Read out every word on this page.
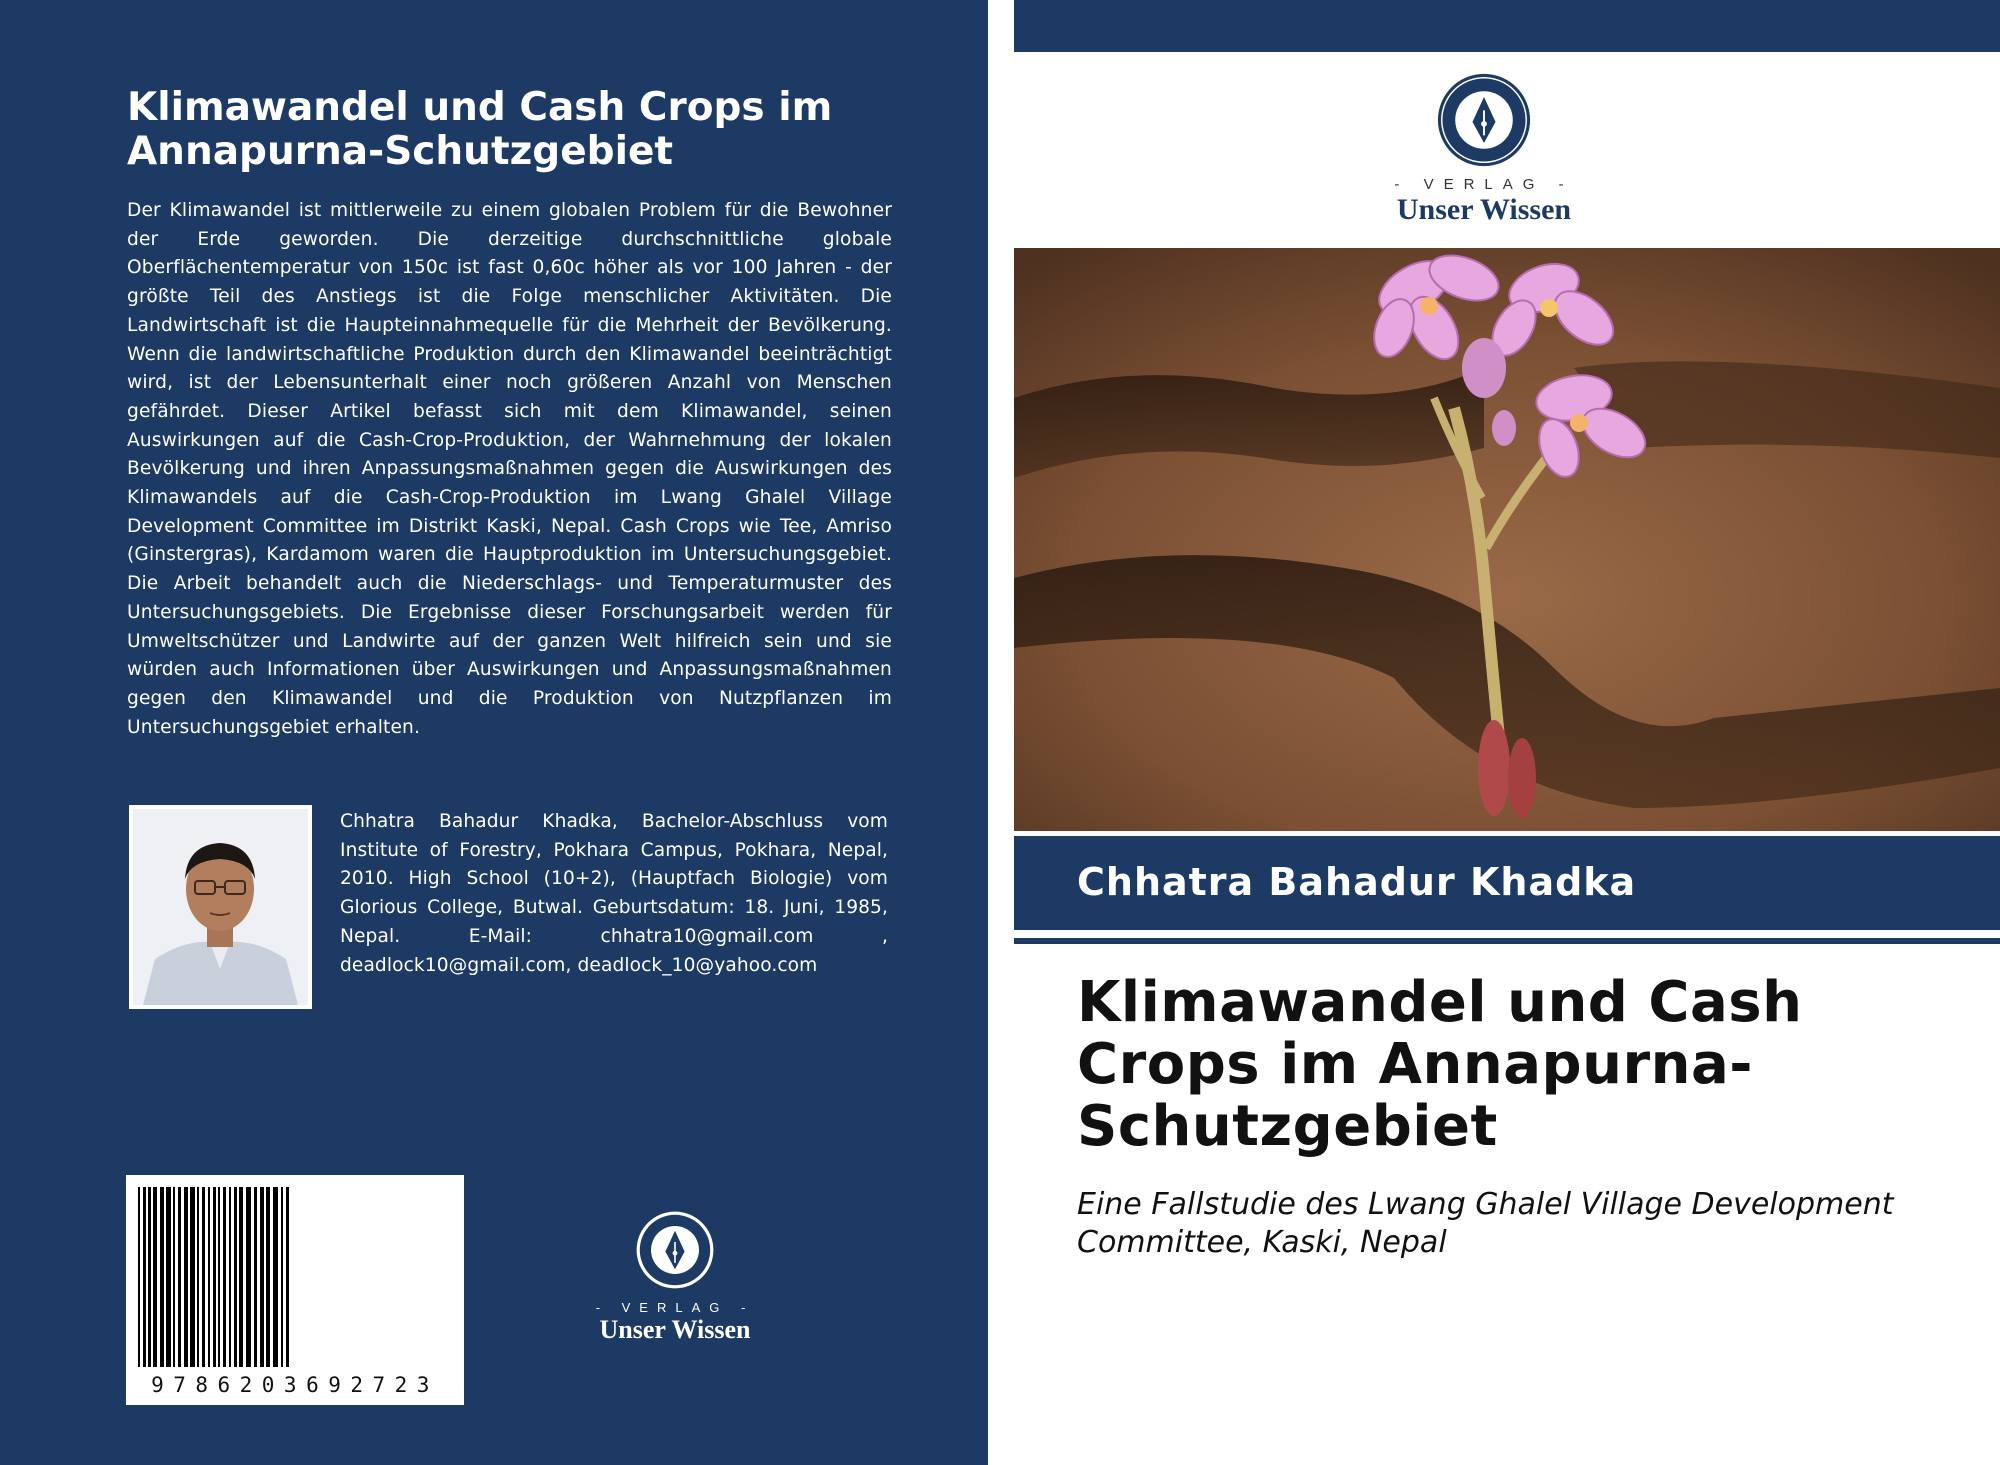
Klimawandel und Cash Crops im Annapurna-Schutzgebiet

Der Klimawandel ist mittlerweile zu einem globalen Problem für die Bewohner der Erde geworden. Die derzeitige durchschnittliche globale Oberflächentemperatur von 150c ist fast 0,60c höher als vor 100 Jahren - der größte Teil des Anstiegs ist die Folge menschlicher Aktivitäten. Die Landwirtschaft ist die Haupteinnahmequelle für die Mehrheit der Bevölkerung. Wenn die landwirtschaftliche Produktion durch den Klimawandel beeinträchtigt wird, ist der Lebensunterhalt einer noch größeren Anzahl von Menschen gefährdet. Dieser Artikel befasst sich mit dem Klimawandel, seinen Auswirkungen auf die Cash-Crop-Produktion, der Wahrnehmung der lokalen Bevölkerung und ihren Anpassungsmaßnahmen gegen die Auswirkungen des Klimawandels auf die Cash-Crop-Produktion im Lwang Ghalel Village Development Committee im Distrikt Kaski, Nepal. Cash Crops wie Tee, Amriso (Ginstergras), Kardamom waren die Hauptproduktion im Untersuchungsgebiet. Die Arbeit behandelt auch die Niederschlags- und Temperaturmuster des Untersuchungsgebiets. Die Ergebnisse dieser Forschungsarbeit werden für Umweltschützer und Landwirte auf der ganzen Welt hilfreich sein und sie würden auch Informationen über Auswirkungen und Anpassungsmaßnahmen gegen den Klimawandel und die Produktion von Nutzpflanzen im Untersuchungsgebiet erhalten.

Chhatra Bahadur Khadka, Bachelor-Abschluss vom Institute of Forestry, Pokhara Campus, Pokhara, Nepal, 2010. High School (10+2), (Hauptfach Biologie) vom Glorious College, Butwal. Geburtsdatum: 18. Juni, 1985, Nepal. E-Mail: chhatra10@gmail.com , deadlock10@gmail.com, deadlock_10@yahoo.com

9786203692723
- VERLAG -
Unser Wissen
- VERLAG -
Unser Wissen
Chhatra Bahadur Khadka
Klimawandel und Cash Crops im Annapurna-Schutzgebiet

Eine Fallstudie des Lwang Ghalel Village Development Committee, Kaski, Nepal
